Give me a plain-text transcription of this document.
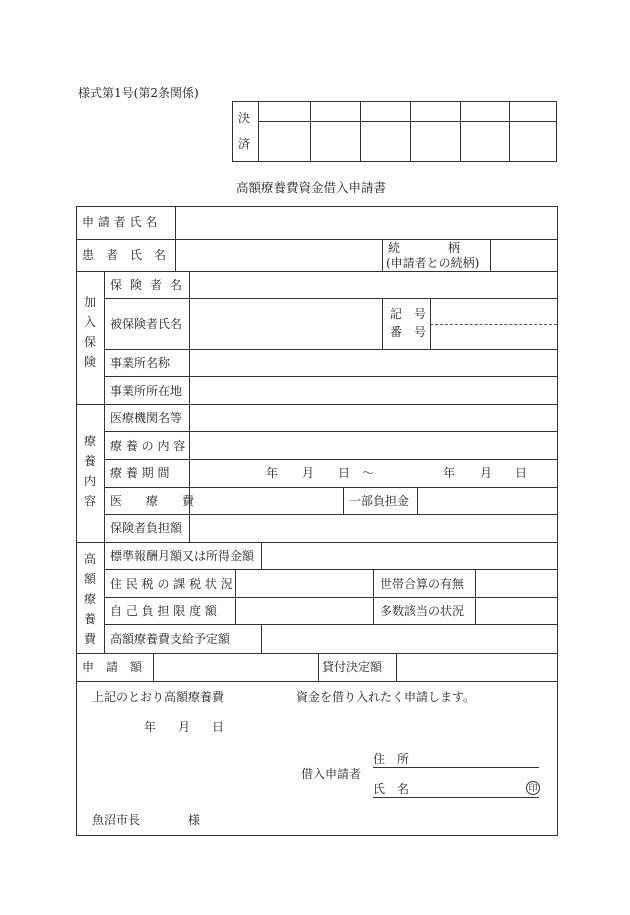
様式第1号(第2条関係)
決
済
高額療養費資金借入申請書
申 請 者 氏 名
患　者　氏　名	続　　　　柄
(申請者との続柄)
加
入
保
険
保 険 者 名
被保険者氏名
記　号
番　号
事業所名称
事業所所在地
療
養
内
容
医療機関名等
療 養 の 内 容
療 養 期 間	年 月 日　〜	年 月 日
医　　療　　費	一部負担金
保険者負担額
高
額
療
養
費
標準報酬月額又は所得金額
住 民 税 の 課 税 状 況	世帯合算の有無
自 己 負 担 限 度 額	多数該当の状況
高額療養費支給予定額
申　請　額	貸付決定額
上記のとおり高額療養費	資金を借り入れたく申請します。
年 月 日
借入申請者
住　所
氏　名	印
魚沼市長	様
